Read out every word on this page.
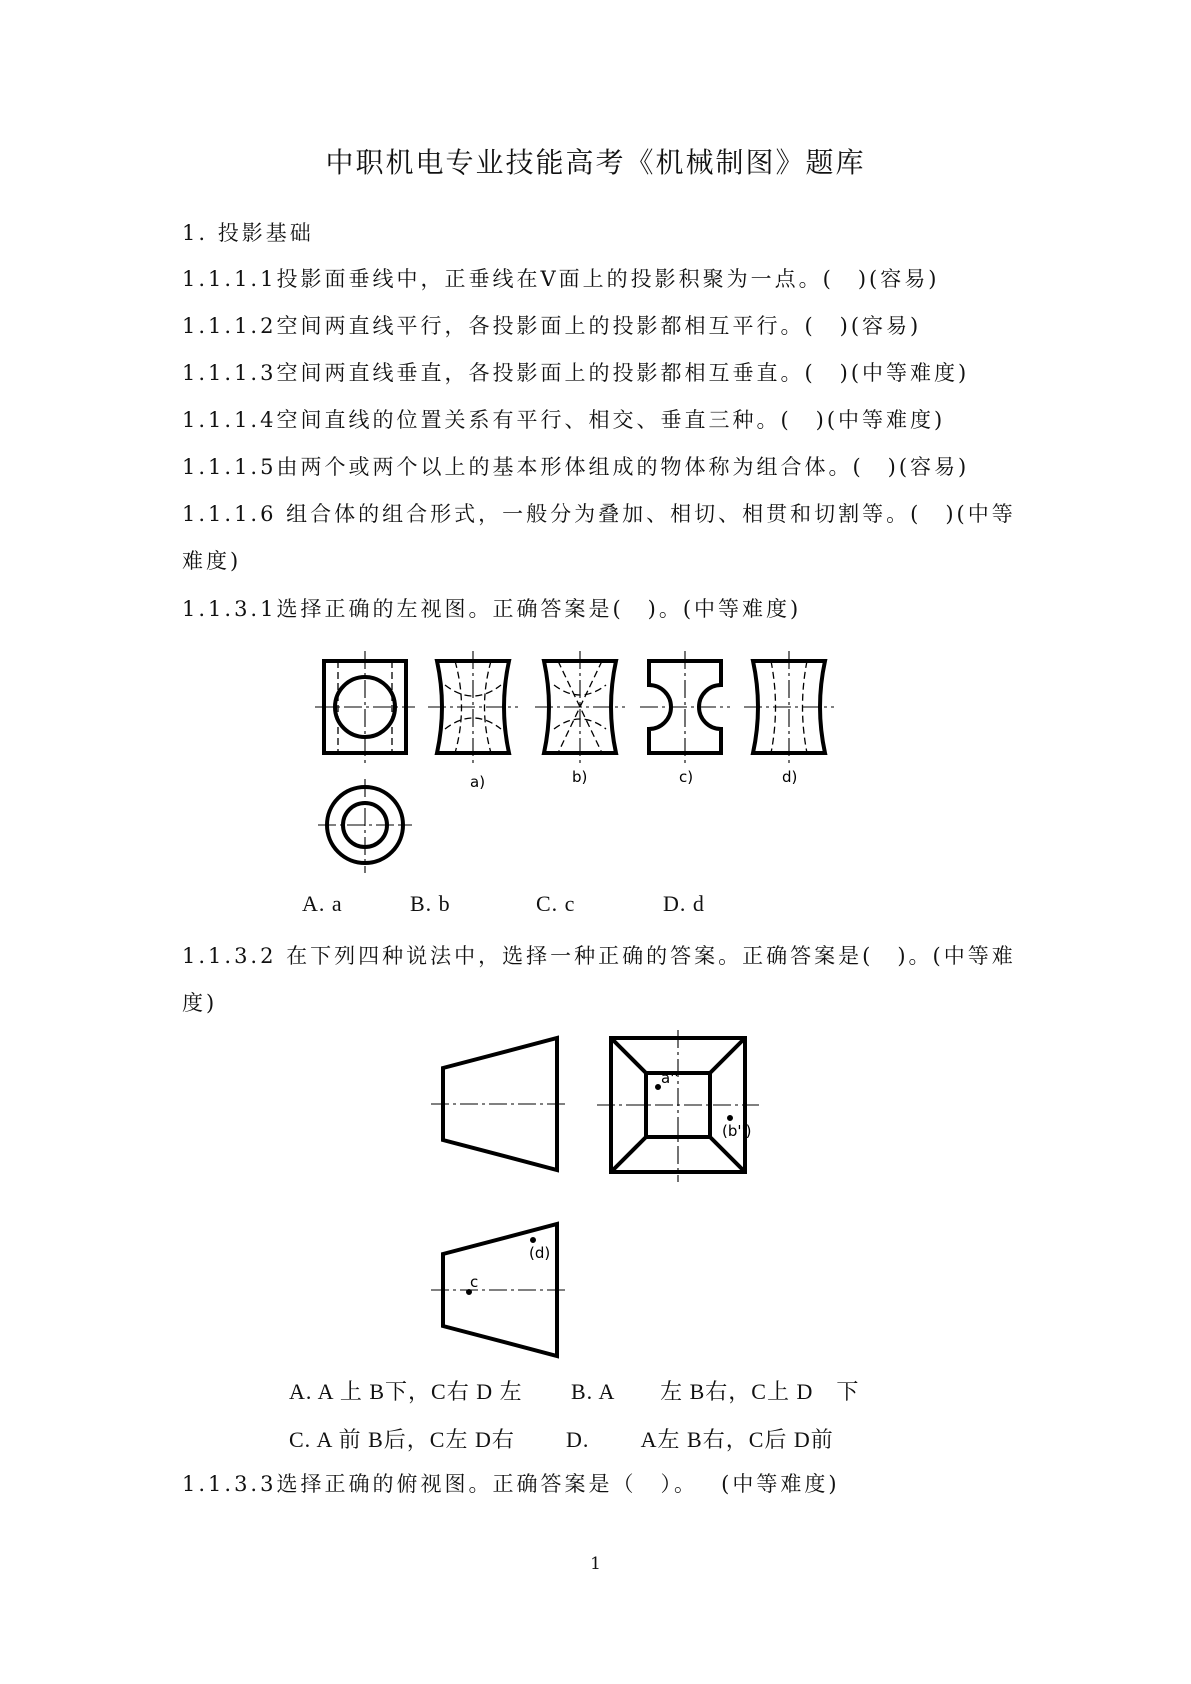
中职机电专业技能高考《机械制图》题库
1. 投影基础
1.1.1.1投影面垂线中，正垂线在V面上的投影积聚为一点。(　)(容易)
1.1.1.2空间两直线平行，各投影面上的投影都相互平行。(　)(容易)
1.1.1.3空间两直线垂直，各投影面上的投影都相互垂直。(　)(中等难度)
1.1.1.4空间直线的位置关系有平行、相交、垂直三种。(　)(中等难度)
1.1.1.5由两个或两个以上的基本形体组成的物体称为组合体。(　)(容易)
1.1.1.6 组合体的组合形式，一般分为叠加、相切、相贯和切割等。(　)(中等
难度)
1.1.3.1选择正确的左视图。正确答案是(　)。(中等难度)
a)	b)	c)	d)
A. a	B. b	C. c	D. d
1.1.3.2 在下列四种说法中，选择一种正确的答案。正确答案是(　)。(中等难
度)
a''
(b'')
(d)
c
A. A 上 B下，C右 D 左 B. A　　左 B右，C上 D　下
C. A 前 B后，C左 D右 D.　　 A左 B右，C后 D前
1.1.3.3选择正确的俯视图。正确答案是（　）。　 (中等难度)
1
